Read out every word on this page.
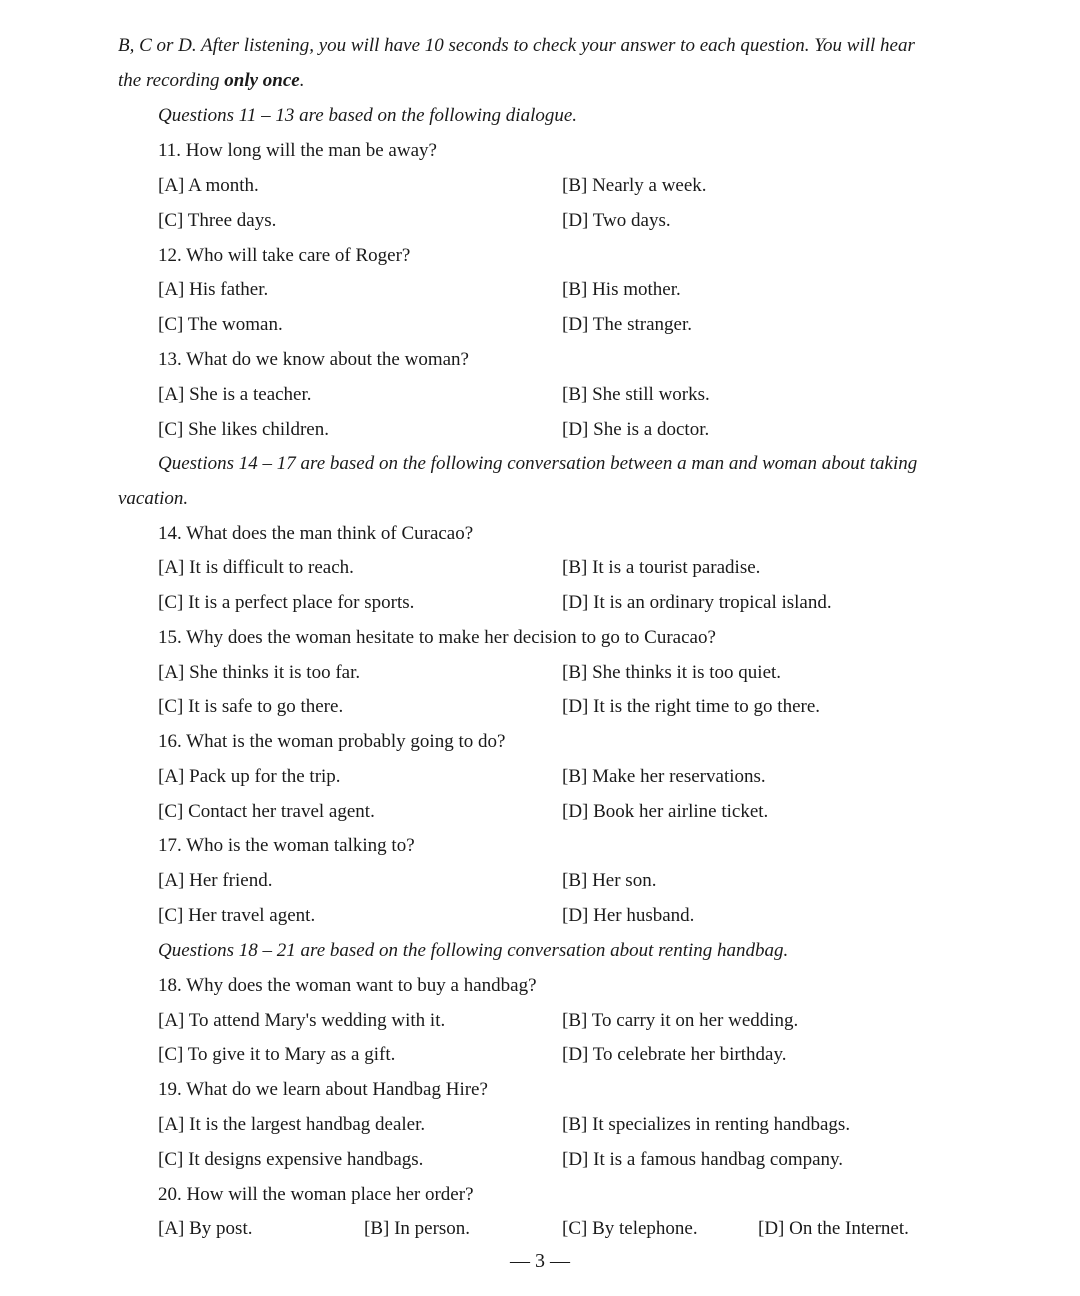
B, C or D. After listening, you will have 10 seconds to check your answer to each question. You will hear
the recording only once.
Questions 11 – 13 are based on the following dialogue.
11. How long will the man be away?
[A] A month.	[B] Nearly a week.
[C] Three days.	[D] Two days.
12. Who will take care of Roger?
[A] His father.	[B] His mother.
[C] The woman.	[D] The stranger.
13. What do we know about the woman?
[A] She is a teacher.	[B] She still works.
[C] She likes children.	[D] She is a doctor.
Questions 14 – 17 are based on the following conversation between a man and woman about taking
vacation.
14. What does the man think of Curacao?
[A] It is difficult to reach.	[B] It is a tourist paradise.
[C] It is a perfect place for sports.	[D] It is an ordinary tropical island.
15. Why does the woman hesitate to make her decision to go to Curacao?
[A] She thinks it is too far.	[B] She thinks it is too quiet.
[C] It is safe to go there.	[D] It is the right time to go there.
16. What is the woman probably going to do?
[A] Pack up for the trip.	[B] Make her reservations.
[C] Contact her travel agent.	[D] Book her airline ticket.
17. Who is the woman talking to?
[A] Her friend.	[B] Her son.
[C] Her travel agent.	[D] Her husband.
Questions 18 – 21 are based on the following conversation about renting handbag.
18. Why does the woman want to buy a handbag?
[A] To attend Mary's wedding with it.	[B] To carry it on her wedding.
[C] To give it to Mary as a gift.	[D] To celebrate her birthday.
19. What do we learn about Handbag Hire?
[A] It is the largest handbag dealer.	[B] It specializes in renting handbags.
[C] It designs expensive handbags.	[D] It is a famous handbag company.
20. How will the woman place her order?
[A] By post.	[B] In person.	[C] By telephone.	[D] On the Internet.
— 3 —
